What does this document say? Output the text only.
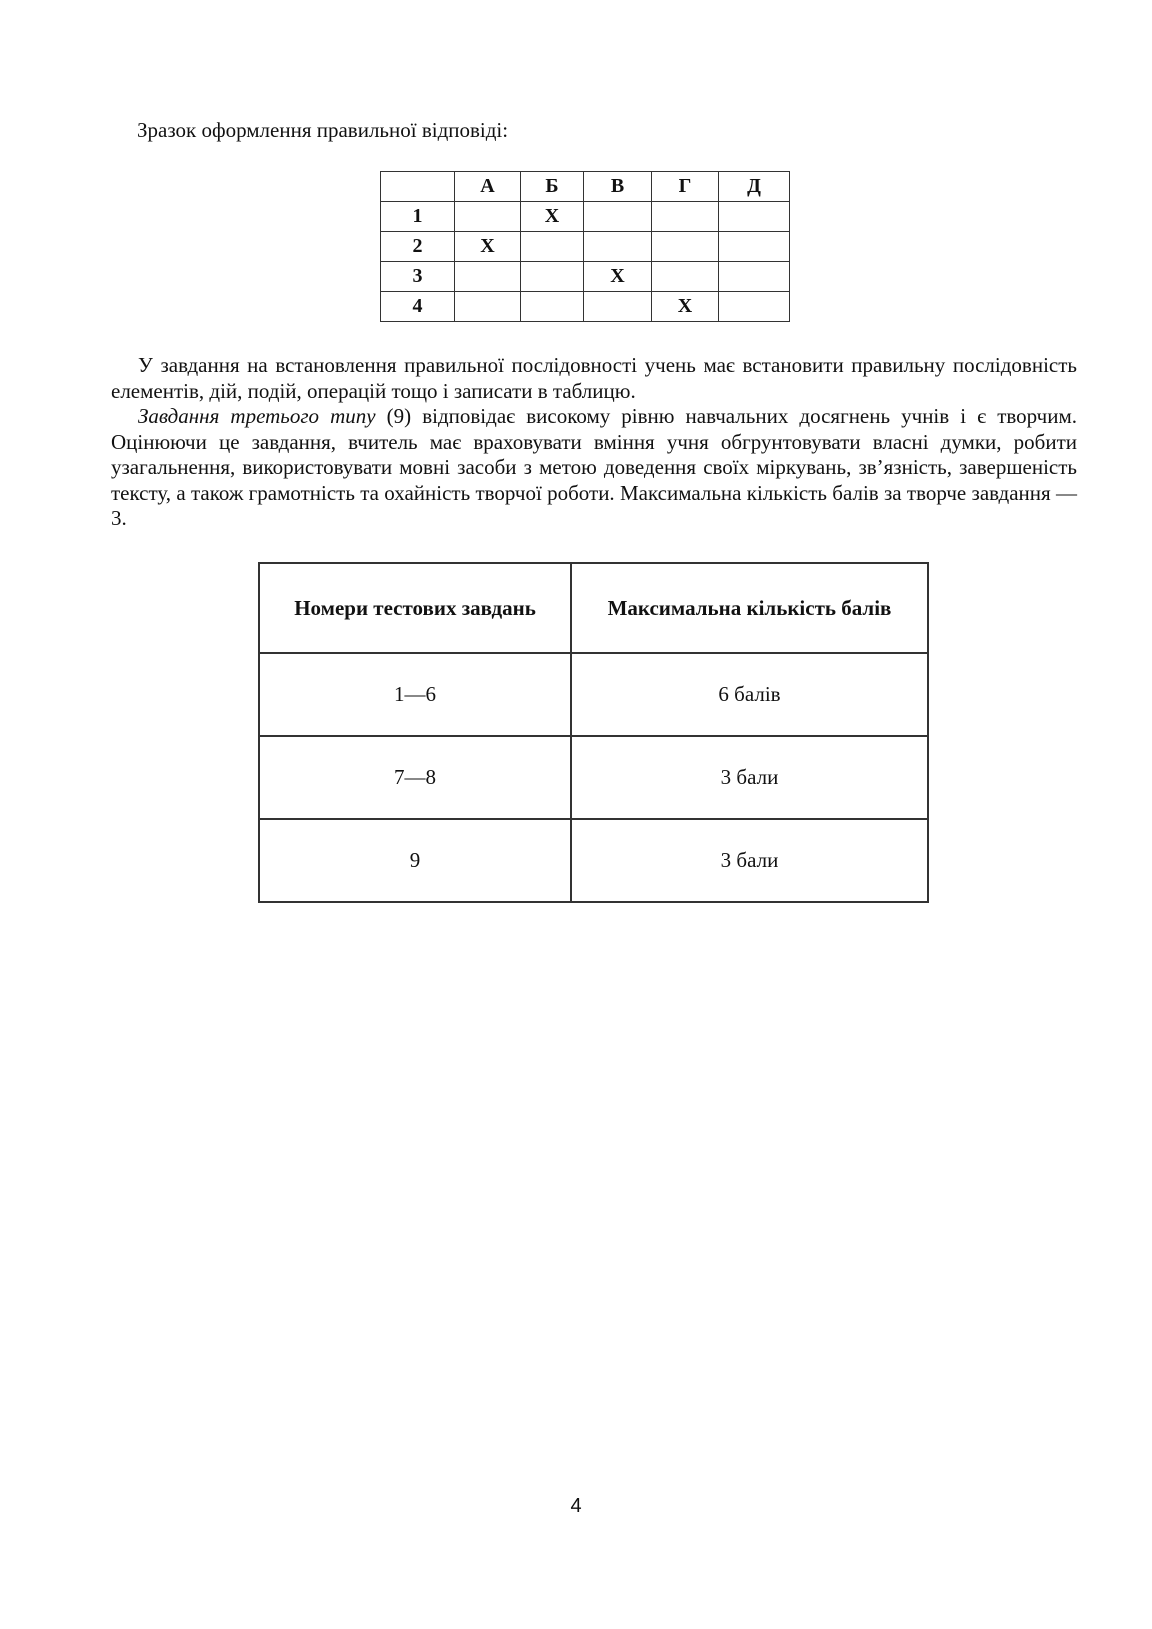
Зразок оформлення правильної відповіді:

	А	Б	В	Г	Д
1		X			
2	X				
3			X		
4				X	

У завдання на встановлення правильної послідовності учень має встановити правильну послідовність елементів, дій, подій, операцій тощо і записати в таблицю.

Завдання третього типу (9) відповідає високому рівню навчальних досягнень учнів і є творчим. Оцінюючи це завдання, вчитель має враховувати вміння учня обгрунтовувати власні думки, робити узагальнення, використовувати мовні засоби з метою доведення своїх міркувань, зв’язність, завершеність тексту, а також грамотність та охайність творчої роботи. Максимальна кількість балів за творче завдання — 3.

Номери тестових завдань	Максимальна кількість балів
1—6	6 балів
7—8	3 бали
9	3 бали
4
